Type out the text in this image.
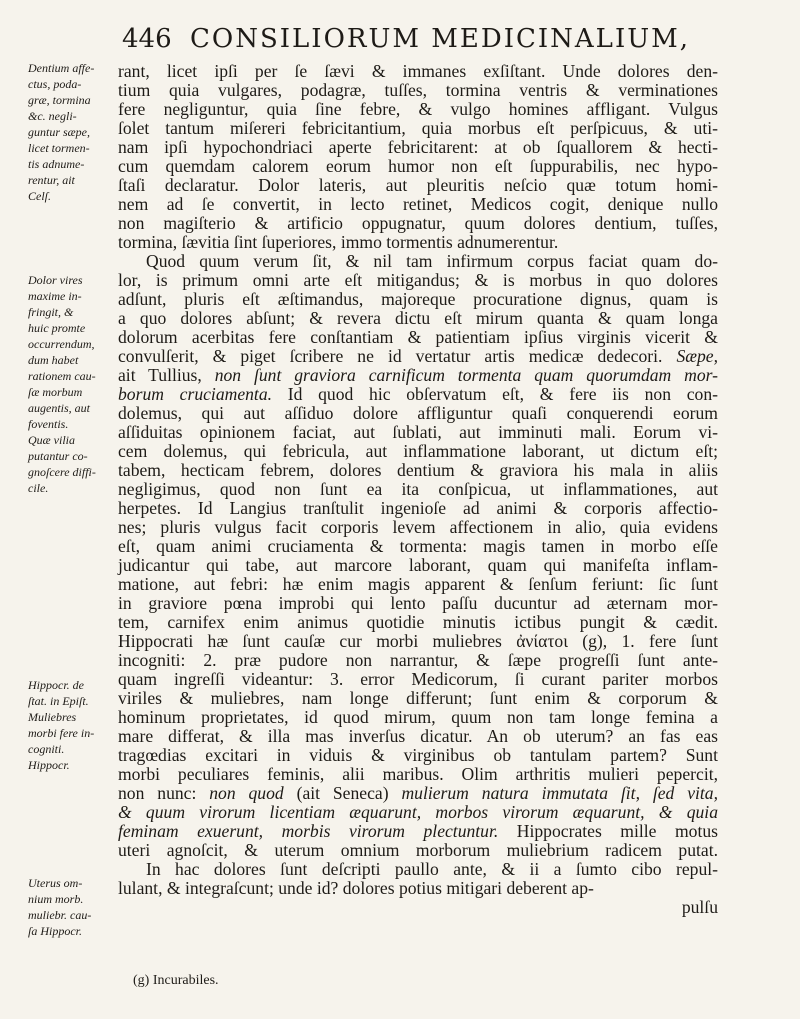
446 CONSILIORUM MEDICINALIUM,
Dentium affe-
ctus, poda-
græ, tormina
&c. negli-
guntur sæpe,
licet tormen-
tis adnume-
rentur, ait
Celſ.
Dolor vires
maxime in-
fringit, &
huic promte
occurrendum,
dum habet
rationem cau-
ſæ morbum
augentis, aut
foventis.
Quæ vilia
putantur co-
gnoſcere diffi-
cile.
Hippocr. de
ſtat. in Epiſt.
Muliebres
morbi fere in-
cogniti.
Hippocr.
Uterus om-
nium morb.
muliebr. cau-
ſa Hippocr.
rant, licet ipſi per ſe ſævi & immanes exſiſtant. Unde dolores den-
tium quia vulgares, podagræ, tuſſes, tormina ventris & verminationes
fere negliguntur, quia ſine febre, & vulgo homines affligant. Vulgus
ſolet tantum miſereri febricitantium, quia morbus eſt perſpicuus, & uti-
nam ipſi hypochondriaci aperte febricitarent: at ob ſquallorem & hecti-
cum quemdam calorem eorum humor non eſt ſuppurabilis, nec hypo-
ſtaſi declaratur. Dolor lateris, aut pleuritis neſcio quæ totum homi-
nem ad ſe convertit, in lecto retinet, Medicos cogit, denique nullo
non magiſterio & artificio oppugnatur, quum dolores dentium, tuſſes,
tormina, ſævitia ſint ſuperiores, immo tormentis adnumerentur.
Quod quum verum ſit, & nil tam infirmum corpus faciat quam do-
lor, is primum omni arte eſt mitigandus; & is morbus in quo dolores
adſunt, pluris eſt æſtimandus, majoreque procuratione dignus, quam is
a quo dolores abſunt; & revera dictu eſt mirum quanta & quam longa
dolorum acerbitas fere conſtantiam & patientiam ipſius virginis vicerit &
convulſerit, & piget ſcribere ne id vertatur artis medicæ dedecori. Sæpe,
ait Tullius, non ſunt graviora carnificum tormenta quam quorumdam mor-
borum cruciamenta. Id quod hic obſervatum eſt, & fere iis non con-
dolemus, qui aut aſſiduo dolore affliguntur quaſi conquerendi eorum
aſſiduitas opinionem faciat, aut ſublati, aut imminuti mali. Eorum vi-
cem dolemus, qui febricula, aut inflammatione laborant, ut dictum eſt;
tabem, hecticam febrem, dolores dentium & graviora his mala in aliis
negligimus, quod non ſunt ea ita conſpicua, ut inflammationes, aut
herpetes. Id Langius tranſtulit ingenioſe ad animi & corporis affectio-
nes; pluris vulgus facit corporis levem affectionem in alio, quia evidens
eſt, quam animi cruciamenta & tormenta: magis tamen in morbo eſſe
judicantur qui tabe, aut marcore laborant, quam qui manifeſta inflam-
matione, aut febri: hæ enim magis apparent & ſenſum feriunt: ſic ſunt
in graviore pœna improbi qui lento paſſu ducuntur ad æternam mor-
tem, carnifex enim animus quotidie minutis ictibus pungit & cædit.
Hippocrati hæ ſunt cauſæ cur morbi muliebres ἀνίατοι (g), 1. fere ſunt
incogniti: 2. præ pudore non narrantur, & ſæpe progreſſi ſunt ante-
quam ingreſſi videantur: 3. error Medicorum, ſi curant pariter morbos
viriles & muliebres, nam longe differunt; ſunt enim & corporum &
hominum proprietates, id quod mirum, quum non tam longe femina a
mare differat, & illa mas inverſus dicatur. An ob uterum? an fas eas
tragœdias excitari in viduis & virginibus ob tantulam partem? Sunt
morbi peculiares feminis, alii maribus. Olim arthritis mulieri pepercit,
non nunc: non quod (ait Seneca) mulierum natura immutata ſit, ſed vita,
& quum virorum licentiam æquarunt, morbos virorum æquarunt, & quia
feminam exuerunt, morbis virorum plectuntur. Hippocrates mille motus
uteri agnoſcit, & uterum omnium morborum muliebrium radicem putat.
In hac dolores ſunt deſcripti paullo ante, & ii a ſumto cibo repul-
lulant, & integraſcunt; unde id? dolores potius mitigari deberent ap-
pulſu
(g) Incurabiles.
